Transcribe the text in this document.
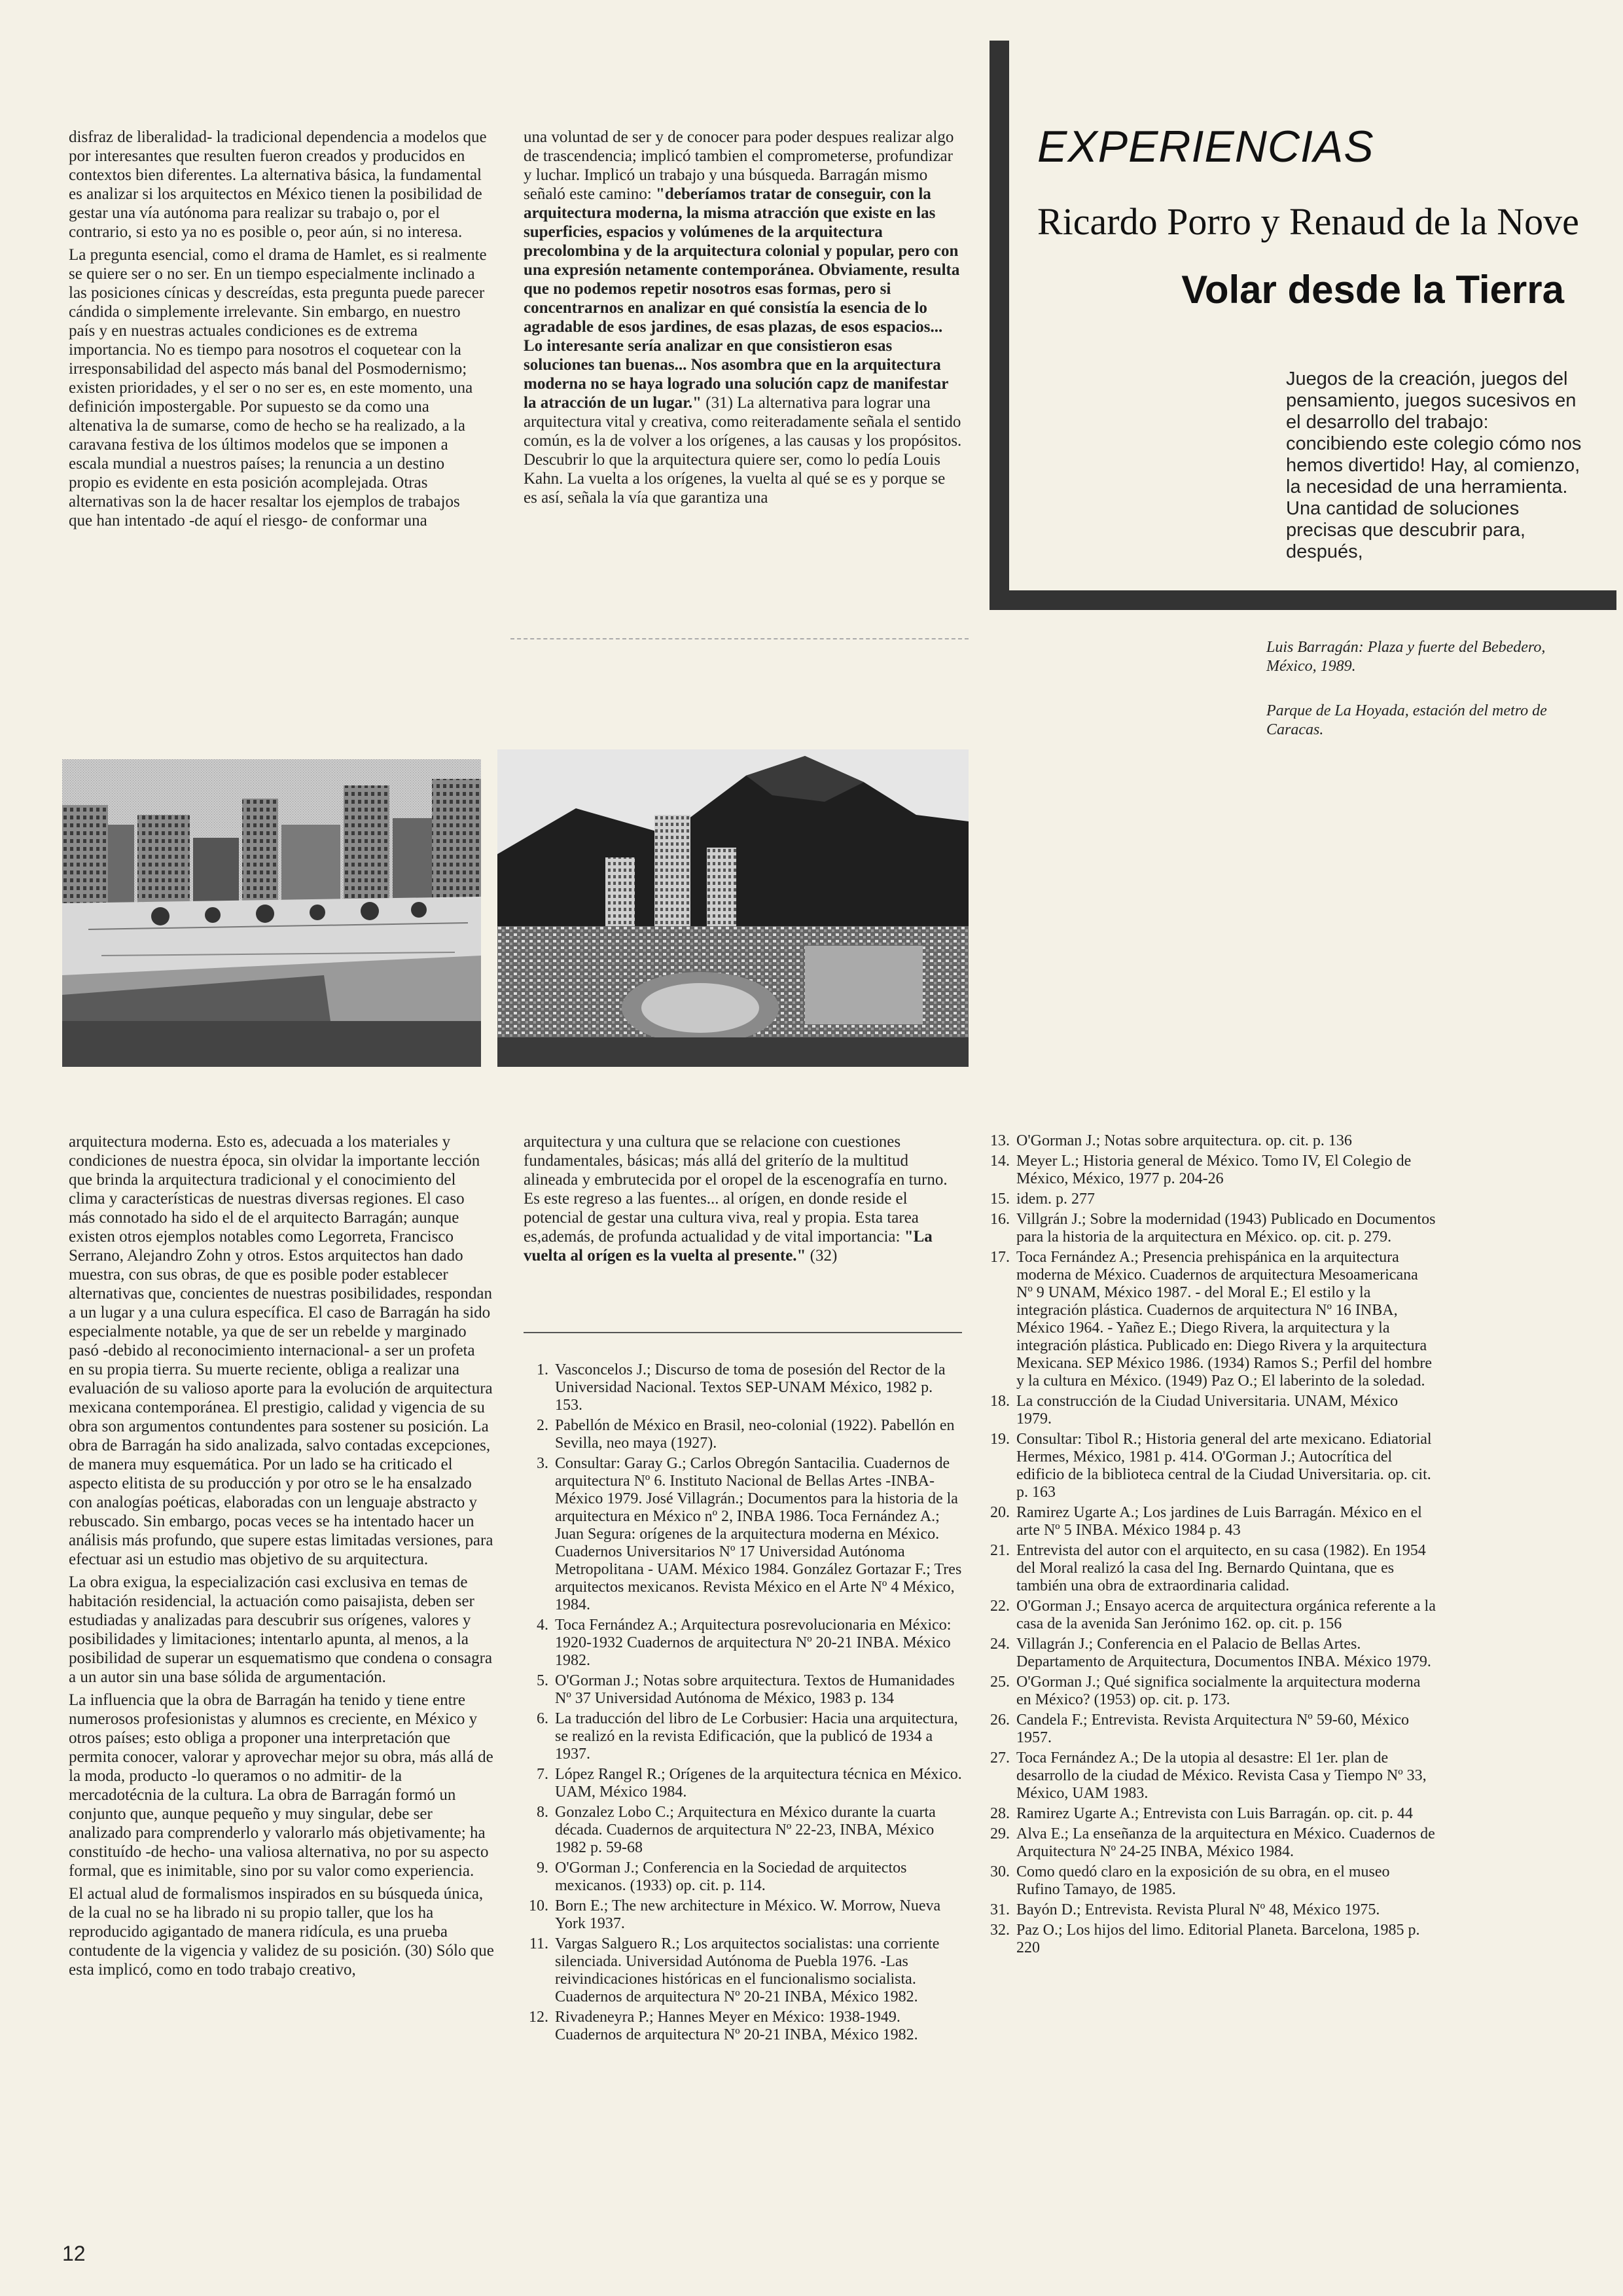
disfraz de liberalidad- la tradicional dependencia a modelos que por interesantes que resulten fueron creados y producidos en contextos bien diferentes. La alternativa básica, la fundamental es analizar si los arquitectos en México tienen la posibilidad de gestar una vía autónoma para realizar su trabajo o, por el contrario, si esto ya no es posible o, peor aún, si no interesa.

La pregunta esencial, como el drama de Hamlet, es si realmente se quiere ser o no ser. En un tiempo especialmente inclinado a las posiciones cínicas y descreídas, esta pregunta puede parecer cándida o simplemente irrelevante. Sin embargo, en nuestro país y en nuestras actuales condiciones es de extrema importancia. No es tiempo para nosotros el coquetear con la irresponsabilidad del aspecto más banal del Posmodernismo; existen prioridades, y el ser o no ser es, en este momento, una definición impostergable. Por supuesto se da como una altenativa la de sumarse, como de hecho se ha realizado, a la caravana festiva de los últimos modelos que se imponen a escala mundial a nuestros países; la renuncia a un destino propio es evidente en esta posición acomplejada. Otras alternativas son la de hacer resaltar los ejemplos de trabajos que han intentado -de aquí el riesgo- de conformar una

una voluntad de ser y de conocer para poder despues realizar algo de trascendencia; implicó tambien el comprometerse, profundizar y luchar. Implicó un trabajo y una búsqueda. Barragán mismo señaló este camino: "deberíamos tratar de conseguir, con la arquitectura moderna, la misma atracción que existe en las superficies, espacios y volúmenes de la arquitectura precolombina y de la arquitectura colonial y popular, pero con una expresión netamente contemporánea. Obviamente, resulta que no podemos repetir nosotros esas formas, pero si concentrarnos en analizar en qué consistía la esencia de lo agradable de esos jardines, de esas plazas, de esos espacios... Lo interesante sería analizar en que consistieron esas soluciones tan buenas... Nos asombra que en la arquitectura moderna no se haya logrado una solución capz de manifestar la atracción de un lugar." (31) La alternativa para lograr una arquitectura vital y creativa, como reiteradamente señala el sentido común, es la de volver a los orígenes, a las causas y los propósitos. Descubrir lo que la arquitectura quiere ser, como lo pedía Louis Kahn. La vuelta a los orígenes, la vuelta al qué se es y porque se es así, señala la vía que garantiza una

EXPERIENCIAS
Ricardo Porro y Renaud de la Nove
Volar desde la Tierra
Juegos de la creación, juegos del pensamiento, juegos sucesivos en el desarrollo del trabajo: concibiendo este colegio cómo nos hemos divertido! Hay, al comienzo, la necesidad de una herramienta. Una cantidad de soluciones precisas que descubrir para, después,
Luis Barragán: Plaza y fuerte del Bebedero, México, 1989.
Parque de La Hoyada, estación del metro de Caracas.

arquitectura moderna. Esto es, adecuada a los materiales y condiciones de nuestra época, sin olvidar la importante lección que brinda la arquitectura tradicional y el conocimiento del clima y características de nuestras diversas regiones. El caso más connotado ha sido el de el arquitecto Barragán; aunque existen otros ejemplos notables como Legorreta, Francisco Serrano, Alejandro Zohn y otros. Estos arquitectos han dado muestra, con sus obras, de que es posible poder establecer alternativas que, concientes de nuestras posibilidades, respondan a un lugar y a una culura específica. El caso de Barragán ha sido especialmente notable, ya que de ser un rebelde y marginado pasó -debido al reconocimiento internacional- a ser un profeta en su propia tierra. Su muerte reciente, obliga a realizar una evaluación de su valioso aporte para la evolución de arquitectura mexicana contemporánea. El prestigio, calidad y vigencia de su obra son argumentos contundentes para sostener su posición. La obra de Barragán ha sido analizada, salvo contadas excepciones, de manera muy esquemática. Por un lado se ha criticado el aspecto elitista de su producción y por otro se le ha ensalzado con analogías poéticas, elaboradas con un lenguaje abstracto y rebuscado. Sin embargo, pocas veces se ha intentado hacer un análisis más profundo, que supere estas limitadas versiones, para efectuar asi un estudio mas objetivo de su arquitectura.

La obra exigua, la especialización casi exclusiva en temas de habitación residencial, la actuación como paisajista, deben ser estudiadas y analizadas para descubrir sus orígenes, valores y posibilidades y limitaciones; intentarlo apunta, al menos, a la posibilidad de superar un esquematismo que condena o consagra a un autor sin una base sólida de argumentación.

La influencia que la obra de Barragán ha tenido y tiene entre numerosos profesionistas y alumnos es creciente, en México y otros países; esto obliga a proponer una interpretación que permita conocer, valorar y aprovechar mejor su obra, más allá de la moda, producto -lo queramos o no admitir- de la mercadotécnia de la cultura. La obra de Barragán formó un conjunto que, aunque pequeño y muy singular, debe ser analizado para comprenderlo y valorarlo más objetivamente; ha constituído -de hecho- una valiosa alternativa, no por su aspecto formal, que es inimitable, sino por su valor como experiencia.

El actual alud de formalismos inspirados en su búsqueda única, de la cual no se ha librado ni su propio taller, que los ha reproducido agigantado de manera ridícula, es una prueba contudente de la vigencia y validez de su posición. (30) Sólo que esta implicó, como en todo trabajo creativo,

arquitectura y una cultura que se relacione con cuestiones fundamentales, básicas; más allá del griterío de la multitud alineada y embrutecida por el oropel de la escenografía en turno. Es este regreso a las fuentes... al orígen, en donde reside el potencial de gestar una cultura viva, real y propia. Esta tarea es,además, de profunda actualidad y de vital importancia: "La vuelta al orígen es la vuelta al presente." (32)

1. Vasconcelos J.; Discurso de toma de posesión del Rector de la Universidad Nacional. Textos SEP-UNAM México, 1982 p. 153.
2. Pabellón de México en Brasil, neo-colonial (1922). Pabellón en Sevilla, neo maya (1927).
3. Consultar: Garay G.; Carlos Obregón Santacilia. Cuadernos de arquitectura Nº 6. Instituto Nacional de Bellas Artes -INBA- México 1979. José Villagrán.; Documentos para la historia de la arquitectura en México nº 2, INBA 1986. Toca Fernández A.; Juan Segura: orígenes de la arquitectura moderna en México. Cuadernos Universitarios Nº 17 Universidad Autónoma Metropolitana - UAM. México 1984. González Gortazar F.; Tres arquitectos mexicanos. Revista México en el Arte Nº 4 México, 1984.
4. Toca Fernández A.; Arquitectura posrevolucionaria en México: 1920-1932 Cuadernos de arquitectura Nº 20-21 INBA. México 1982.
5. O'Gorman J.; Notas sobre arquitectura. Textos de Humanidades Nº 37 Universidad Autónoma de México, 1983 p. 134
6. La traducción del libro de Le Corbusier: Hacia una arquitectura, se realizó en la revista Edificación, que la publicó de 1934 a 1937.
7. López Rangel R.; Orígenes de la arquitectura técnica en México. UAM, México 1984.
8. Gonzalez Lobo C.; Arquitectura en México durante la cuarta década. Cuadernos de arquitectura Nº 22-23, INBA, México 1982 p. 59-68
9. O'Gorman J.; Conferencia en la Sociedad de arquitectos mexicanos. (1933) op. cit. p. 114.
10. Born E.; The new architecture in México. W. Morrow, Nueva York 1937.
11. Vargas Salguero R.; Los arquitectos socialistas: una corriente silenciada. Universidad Autónoma de Puebla 1976. -Las reivindicaciones históricas en el funcionalismo socialista. Cuadernos de arquitectura Nº 20-21 INBA, México 1982.
12. Rivadeneyra P.; Hannes Meyer en México: 1938-1949. Cuadernos de arquitectura Nº 20-21 INBA, México 1982.
13. O'Gorman J.; Notas sobre arquitectura. op. cit. p. 136
14. Meyer L.; Historia general de México. Tomo IV, El Colegio de México, México, 1977 p. 204-26
15. idem. p. 277
16. Villgrán J.; Sobre la modernidad (1943) Publicado en Documentos para la historia de la arquitectura en México. op. cit. p. 279.
17. Toca Fernández A.; Presencia prehispánica en la arquitectura moderna de México. Cuadernos de arquitectura Mesoamericana Nº 9 UNAM, México 1987. - del Moral E.; El estilo y la integración plástica. Cuadernos de arquitectura Nº 16 INBA, México 1964. - Yañez E.; Diego Rivera, la arquitectura y la integración plástica. Publicado en: Diego Rivera y la arquitectura Mexicana. SEP México 1986. (1934) Ramos S.; Perfil del hombre y la cultura en México. (1949) Paz O.; El laberinto de la soledad.
18. La construcción de la Ciudad Universitaria. UNAM, México 1979.
19. Consultar: Tibol R.; Historia general del arte mexicano. Ediatorial Hermes, México, 1981 p. 414. O'Gorman J.; Autocrítica del edificio de la biblioteca central de la Ciudad Universitaria. op. cit. p. 163
20. Ramirez Ugarte A.; Los jardines de Luis Barragán. México en el arte Nº 5 INBA. México 1984 p. 43
21. Entrevista del autor con el arquitecto, en su casa (1982). En 1954 del Moral realizó la casa del Ing. Bernardo Quintana, que es también una obra de extraordinaria calidad.
22. O'Gorman J.; Ensayo acerca de arquitectura orgánica referente a la casa de la avenida San Jerónimo 162. op. cit. p. 156
24. Villagrán J.; Conferencia en el Palacio de Bellas Artes. Departamento de Arquitectura, Documentos INBA. México 1979.
25. O'Gorman J.; Qué significa socialmente la arquitectura moderna en México? (1953) op. cit. p. 173.
26. Candela F.; Entrevista. Revista Arquitectura Nº 59-60, México 1957.
27. Toca Fernández A.; De la utopia al desastre: El 1er. plan de desarrollo de la ciudad de México. Revista Casa y Tiempo Nº 33, México, UAM 1983.
28. Ramirez Ugarte A.; Entrevista con Luis Barragán. op. cit. p. 44
29. Alva E.; La enseñanza de la arquitectura en México. Cuadernos de Arquitectura Nº 24-25 INBA, México 1984.
30. Como quedó claro en la exposición de su obra, en el museo Rufino Tamayo, de 1985.
31. Bayón D.; Entrevista. Revista Plural Nº 48, México 1975.
32. Paz O.; Los hijos del limo. Editorial Planeta. Barcelona, 1985 p. 220
12
